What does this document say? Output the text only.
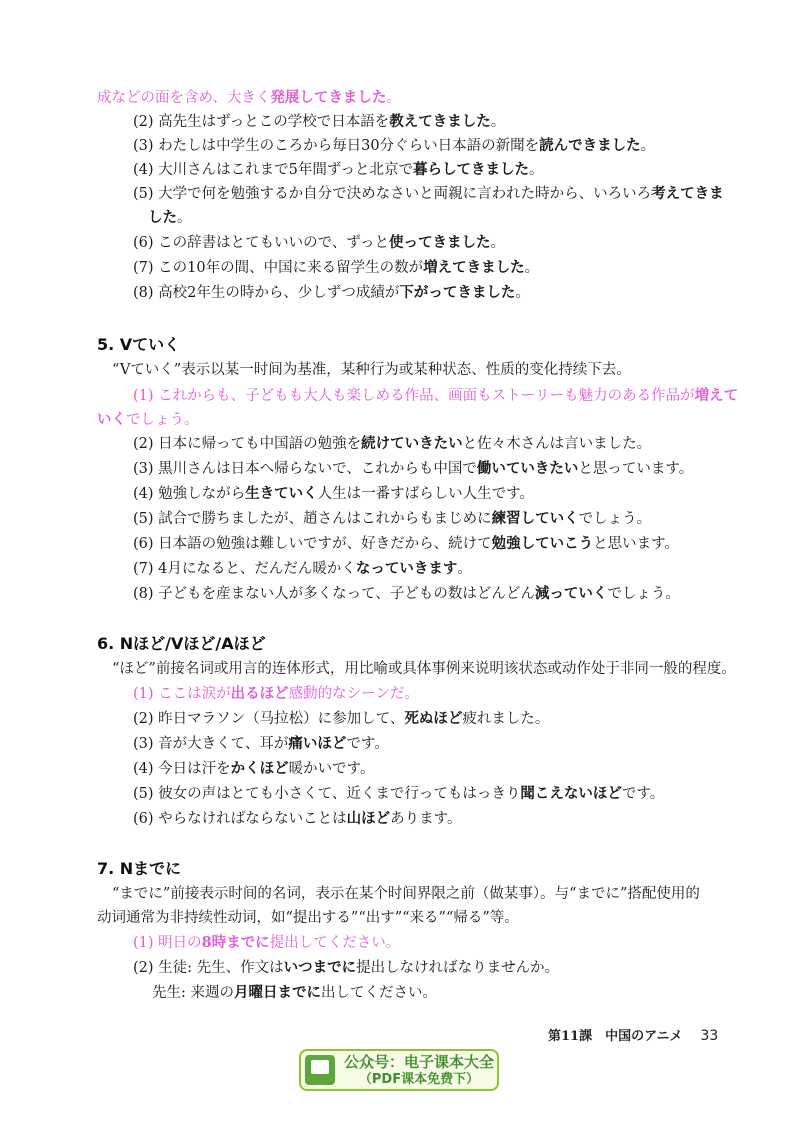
成などの面を含め、大きく発展してきました。
(2) 高先生はずっとこの学校で日本語を教えてきました。
(3) わたしは中学生のころから毎日30分ぐらい日本語の新聞を読んできました。
(4) 大川さんはこれまで5年間ずっと北京で暮らしてきました。
(5) 大学で何を勉強するか自分で決めなさいと両親に言われた時から、いろいろ考えてきま
した。
(6) この辞書はとてもいいので、ずっと使ってきました。
(7) この10年の間、中国に来る留学生の数が増えてきました。
(8) 高校2年生の時から、少しずつ成績が下がってきました。
5. Vていく
“Vていく”表示以某一时间为基准，某种行为或某种状态、性质的变化持续下去。
(1) これからも、子どもも大人も楽しめる作品、画面もストーリーも魅力のある作品が増えて
いくでしょう。
(2) 日本に帰っても中国語の勉強を続けていきたいと佐々木さんは言いました。
(3) 黒川さんは日本へ帰らないで、これからも中国で働いていきたいと思っています。
(4) 勉強しながら生きていく人生は一番すばらしい人生です。
(5) 試合で勝ちましたが、趙さんはこれからもまじめに練習していくでしょう。
(6) 日本語の勉強は難しいですが、好きだから、続けて勉強していこうと思います。
(7) 4月になると、だんだん暖かくなっていきます。
(8) 子どもを産まない人が多くなって、子どもの数はどんどん減っていくでしょう。
6. Nほど/Vほど/Aほど
“ほど”前接名词或用言的连体形式，用比喻或具体事例来说明该状态或动作处于非同一般的程度。
(1) ここは涙が出るほど感動的なシーンだ。
(2) 昨日マラソン（马拉松）に参加して、死ぬほど疲れました。
(3) 音が大きくて、耳が痛いほどです。
(4) 今日は汗をかくほど暖かいです。
(5) 彼女の声はとても小さくて、近くまで行ってもはっきり聞こえないほどです。
(6) やらなければならないことは山ほどあります。
7. Nまでに
“までに”前接表示时间的名词，表示在某个时间界限之前（做某事）。与“までに”搭配使用的
动词通常为非持续性动词，如“提出する”“出す”“来る”“帰る”等。
(1) 明日の8時までに提出してください。
(2) 生徒: 先生、作文はいつまでに提出しなければなりませんか。
先生: 来週の月曜日までに出してください。
第11課　中国のアニメ 33
公众号：电子课本大全
（PDF课本免费下）
